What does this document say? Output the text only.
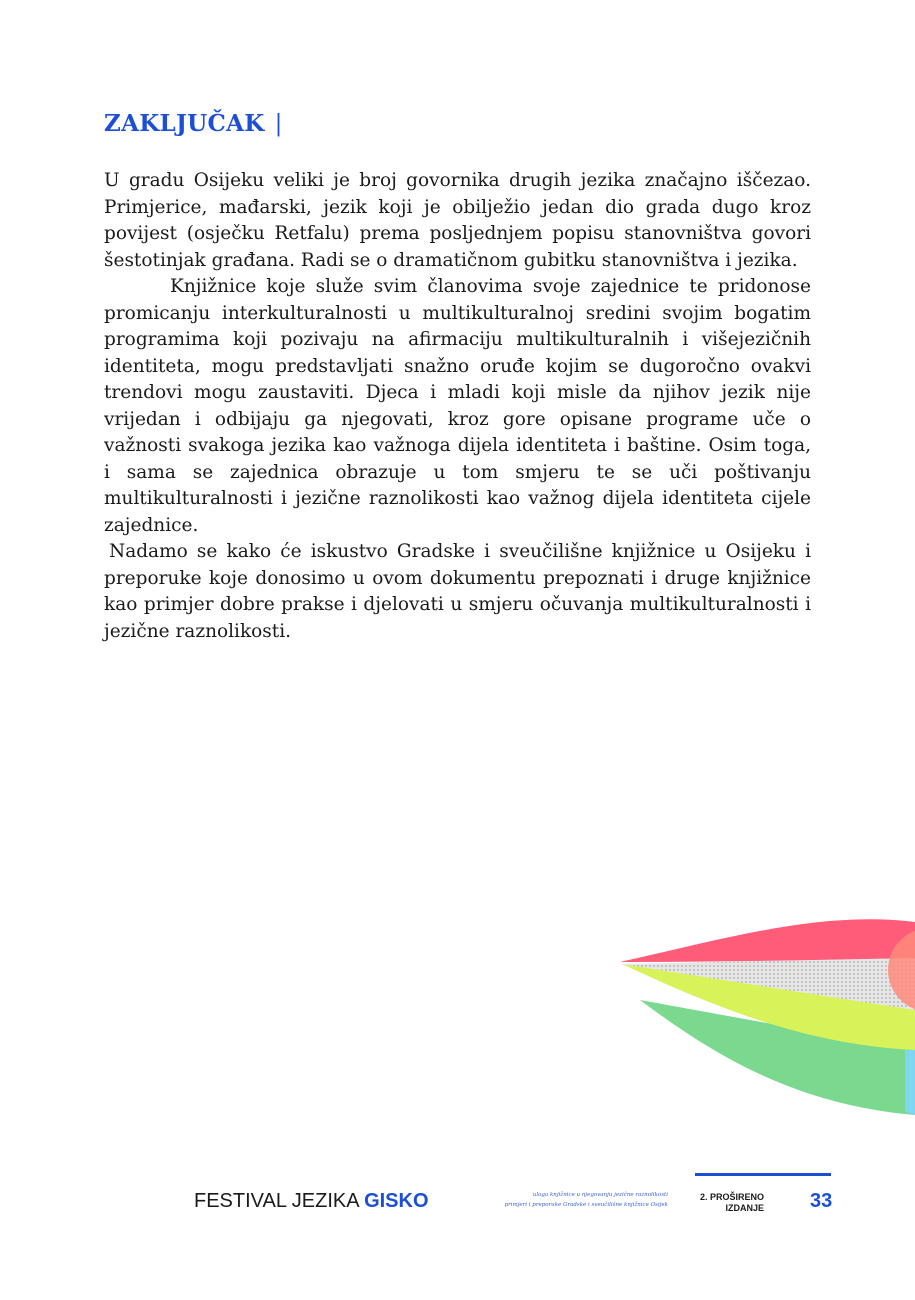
ZAKLJUČAK |

U gradu Osijeku veliki je broj govornika drugih jezika značajno iščezao. Primjerice, mađarski, jezik koji je obilježio jedan dio grada dugo kroz povijest (osječku Retfalu) prema posljednjem popisu stanovništva govori šestotinjak građana. Radi se o dramatičnom gubitku stanovništva i jezika.

Knjižnice koje služe svim članovima svoje zajednice te pridonose promicanju interkulturalnosti u multikulturalnoj sredini svojim bogatim programima koji pozivaju na afirmaciju multikulturalnih i višejezičnih identiteta, mogu predstavljati snažno oruđe kojim se dugoročno ovakvi trendovi mogu zaustaviti. Djeca i mladi koji misle da njihov jezik nije vrijedan i odbijaju ga njegovati, kroz gore opisane programe uče o važnosti svakoga jezika kao važnoga dijela identiteta i baštine. Osim toga, i sama se zajednica obrazuje u tom smjeru te se uči poštivanju multikulturalnosti i jezične raznolikosti kao važnog dijela identiteta cijele zajednice.

Nadamo se kako će iskustvo Gradske i sveučilišne knjižnice u Osijeku i preporuke koje donosimo u ovom dokumentu prepoznati i druge knjižnice kao primjer dobre prakse i djelovati u smjeru očuvanja multikulturalnosti i jezične raznolikosti.

FESTIVAL JEZIKA GISKO	uloga knjižnice u njegovanju jezične raznolikosti
primjeri i preporuke Gradske i sveučilišne knjižnice Osijek
2. PROŠIRENO
IZDANJE 33
